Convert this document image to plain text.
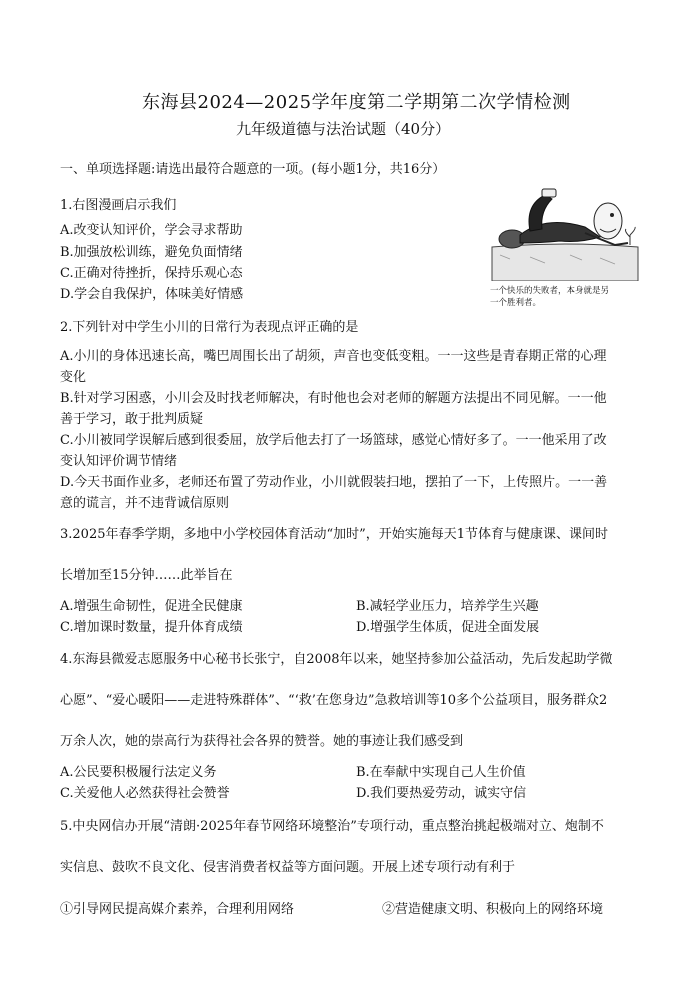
东海县2024—2025学年度第二学期第二次学情检测
九年级道德与法治试题（40分）
一、单项选择题:请选出最符合题意的一项。(每小题1分，共16分）
1.右图漫画启示我们
A.改变认知评价，学会寻求帮助
B.加强放松训练，避免负面情绪
C.正确对待挫折，保持乐观心态
D.学会自我保护，体味美好情感	一个快乐的失败者，本身就是另
一个胜利者。
2.下列针对中学生小川的日常行为表现点评正确的是
A.小川的身体迅速长高，嘴巴周围长出了胡须，声音也变低变粗。一一这些是青春期正常的心理
变化
B.针对学习困惑，小川会及时找老师解决，有时他也会对老师的解题方法提出不同见解。一一他
善于学习，敢于批判质疑
C.小川被同学误解后感到很委屈，放学后他去打了一场篮球，感觉心情好多了。一一他采用了改
变认知评价调节情绪
D.今天书面作业多，老师还布置了劳动作业，小川就假装扫地，摆拍了一下，上传照片。一一善
意的谎言，并不违背诚信原则
3.2025年春季学期，多地中小学校园体育活动“加时”，开始实施每天1节体育与健康课、课间时
长增加至15分钟……此举旨在
A.增强生命韧性，促进全民健康	B.减轻学业压力，培养学生兴趣
C.增加课时数量，提升体育成绩	D.增强学生体质，促进全面发展
4.东海县微爱志愿服务中心秘书长张宁，自2008年以来，她坚持参加公益活动，先后发起助学微
心愿”、“爱心暖阳——走进特殊群体”、“‘救’在您身边”急救培训等10多个公益项目，服务群众2
万余人次，她的崇高行为获得社会各界的赞誉。她的事迹让我们感受到
A.公民要积极履行法定义务	B.在奉献中实现自己人生价值
C.关爱他人必然获得社会赞誉	D.我们要热爱劳动，诚实守信
5.中央网信办开展“清朗·2025年春节网络环境整治”专项行动，重点整治挑起极端对立、炮制不
实信息、鼓吹不良文化、侵害消费者权益等方面问题。开展上述专项行动有利于
①引导网民提高媒介素养，合理利用网络	②营造健康文明、积极向上的网络环境
